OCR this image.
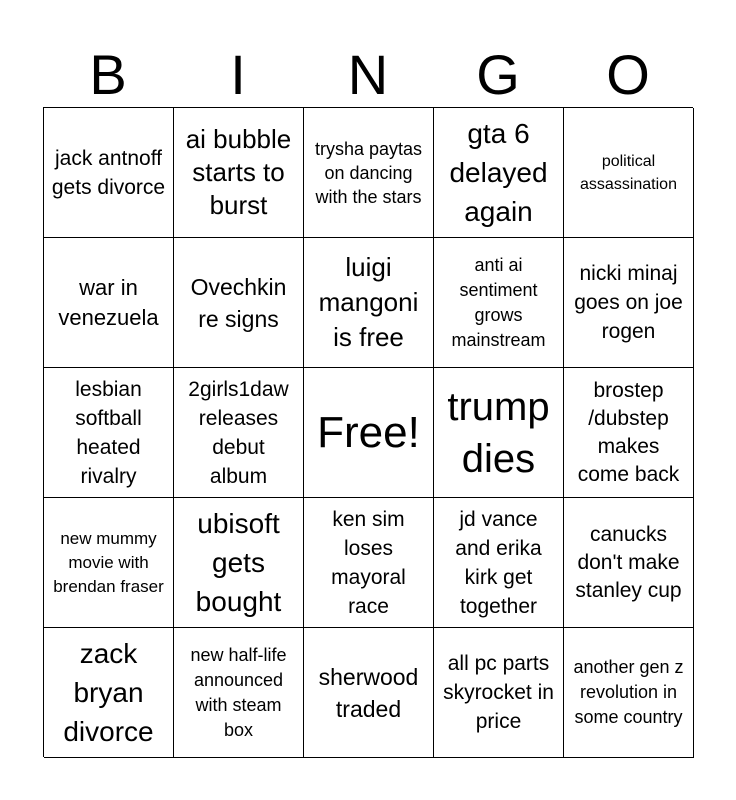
B	I	N	G	O
jack antnoff gets divorce
ai bubble starts to burst
trysha paytas on dancing with the stars
gta 6 delayed again
political assassination
war in venezuela
Ovechkin re signs
luigi mangoni is free
anti ai sentiment grows mainstream
nicki minaj goes on joe rogen
lesbian softball heated rivalry
2girls1daw releases debut album
Free!
trump dies
brostep /dubstep makes come back
new mummy movie with brendan fraser
ubisoft gets bought
ken sim loses mayoral race
jd vance and erika kirk get together
canucks don't make stanley cup
zack bryan divorce
new half-life announced with steam box
sherwood traded
all pc parts skyrocket in price
another gen z revolution in some country
